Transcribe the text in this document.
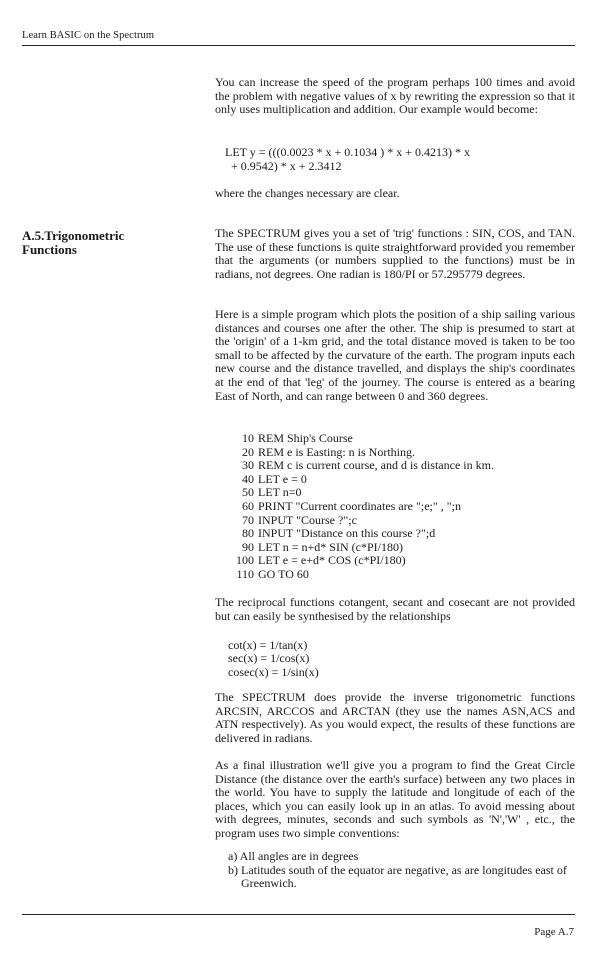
Learn BASIC on the Spectrum

You can increase the speed of the program perhaps 100 times and avoid the problem with negative values of x by rewriting the expression so that it only uses multiplication and addition. Our example would become:

LET y = (((0.0023 * x + 0.1034 ) * x + 0.4213) * x
+ 0.9542) * x + 2.3412

where the changes necessary are clear.

A.5.Trigonometric
Functions

The SPECTRUM gives you a set of 'trig' functions : SIN, COS, and TAN. The use of these functions is quite straightforward provided you remember that the arguments (or numbers supplied to the functions) must be in radians, not degrees. One radian is 180/PI or 57.295779 degrees.

Here is a simple program which plots the position of a ship sailing various distances and courses one after the other. The ship is presumed to start at the 'origin' of a 1-km grid, and the total distance moved is taken to be too small to be affected by the curvature of the earth. The program inputs each new course and the distance travelled, and displays the ship's coordinates at the end of that 'leg' of the journey. The course is entered as a bearing East of North, and can range between 0 and 360 degrees.

10 REM Ship's Course
20 REM e is Easting: n is Northing.
30 REM c is current course, and d is distance in km.
40 LET e = 0
50 LET n=0
60 PRINT "Current coordinates are ";e;" , ";n
70 INPUT "Course ?";c
80 INPUT "Distance on this course ?";d
90 LET n = n+d* SIN (c*PI/180)
100 LET e = e+d* COS (c*PI/180)
110 GO TO 60

The reciprocal functions cotangent, secant and cosecant are not provided but can easily be synthesised by the relationships

cot(x) = 1/tan(x)
sec(x) = 1/cos(x)
cosec(x) = 1/sin(x)

The SPECTRUM does provide the inverse trigonometric functions ARCSIN, ARCCOS and ARCTAN (they use the names ASN,ACS and ATN respectively). As you would expect, the results of these functions are delivered in radians.

As a final illustration we'll give you a program to find the Great Circle Distance (the distance over the earth's surface) between any two places in the world. You have to supply the latitude and longitude of each of the places, which you can easily look up in an atlas. To avoid messing about with degrees, minutes, seconds and such symbols as 'N','W' , etc., the program uses two simple conventions:

a) All angles are in degrees
b) Latitudes south of the equator are negative, as are longitudes east of Greenwich.
Page A.7
